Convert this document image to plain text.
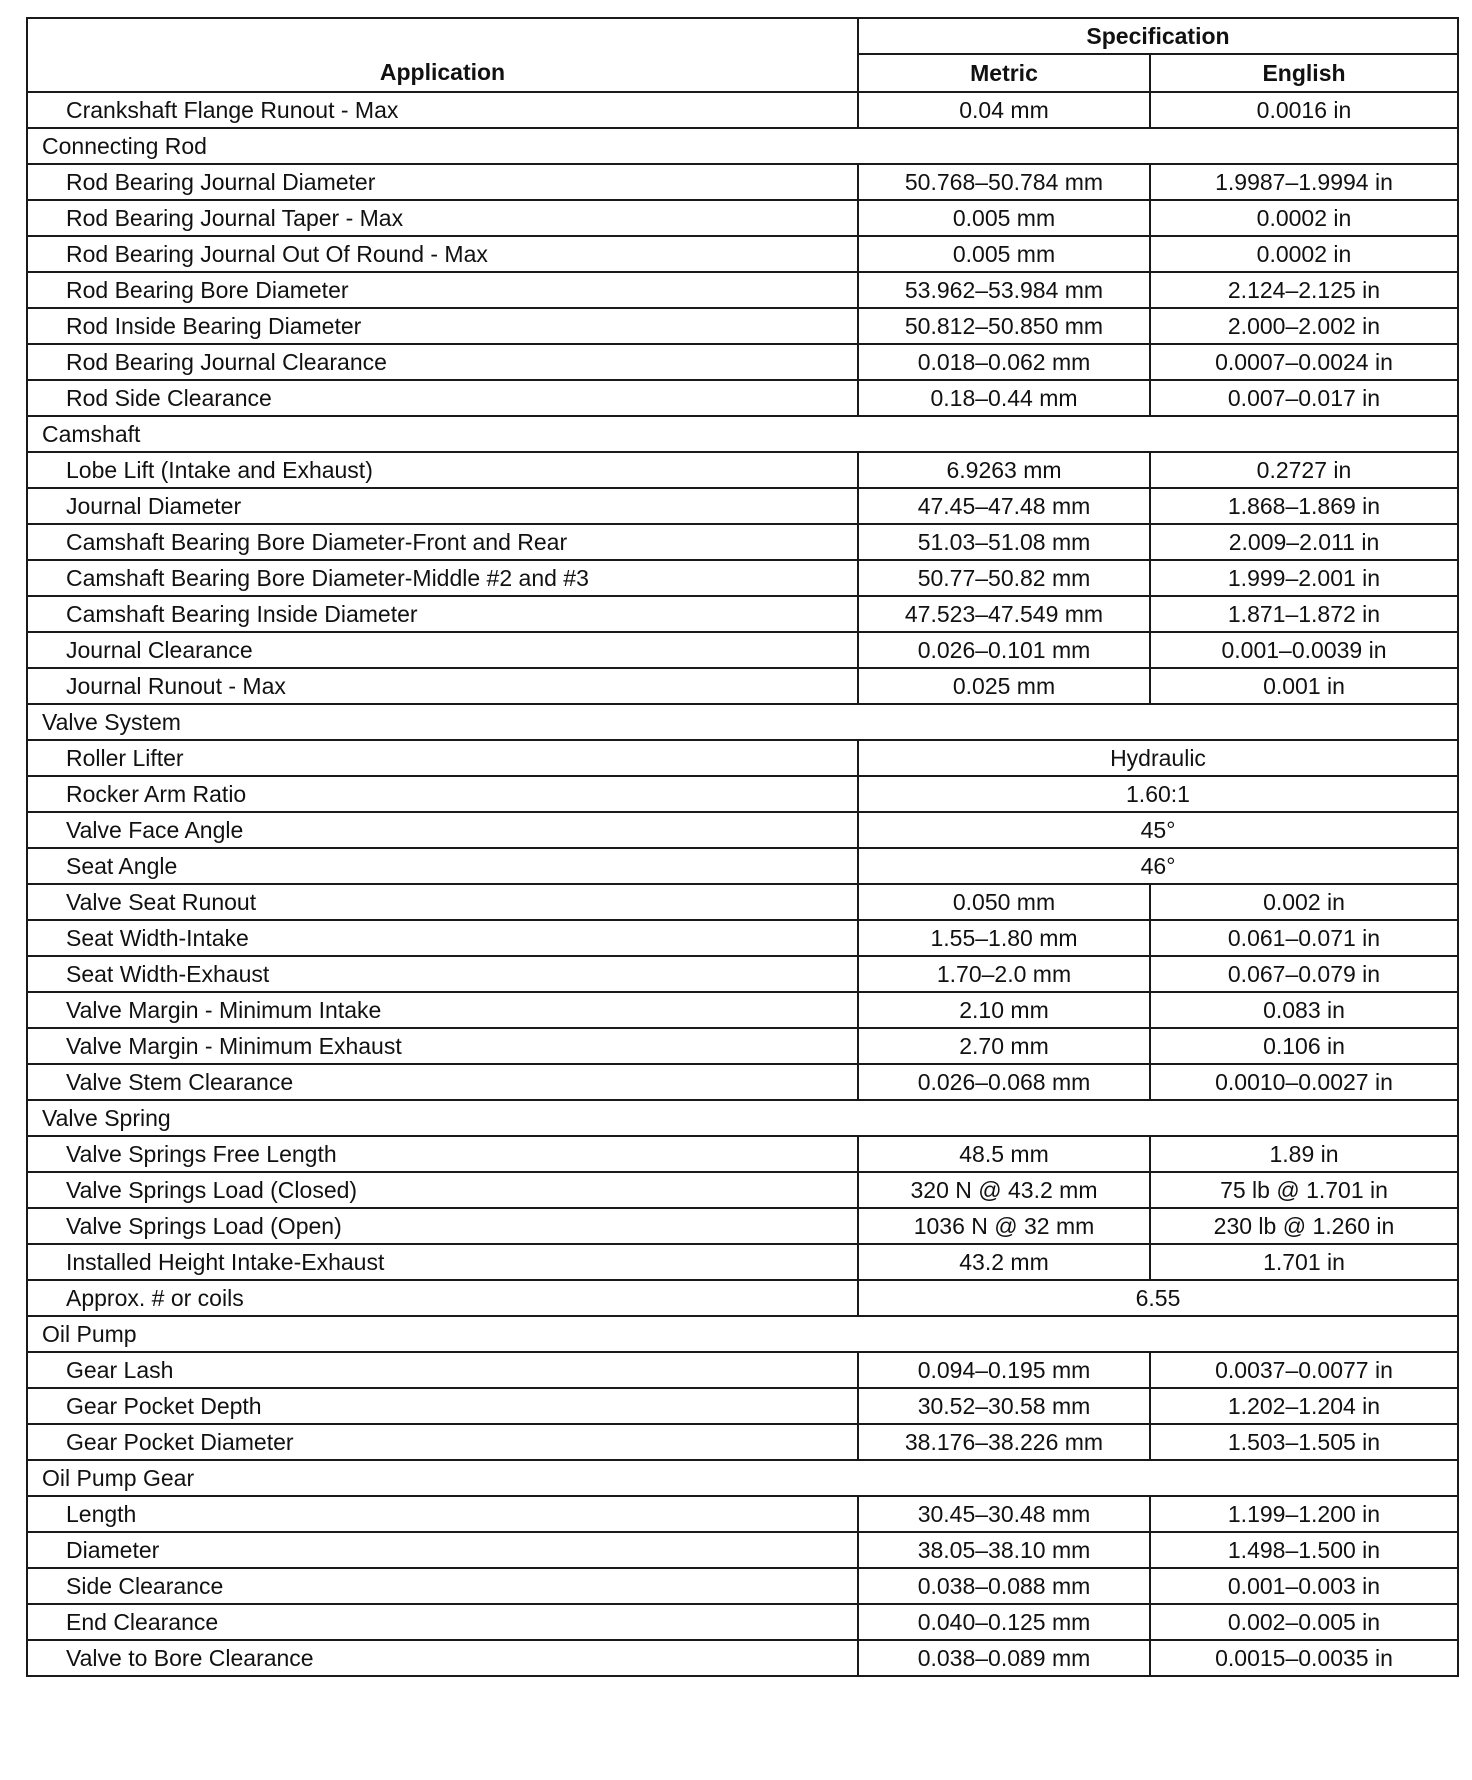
Application	Specification	
	Metric	English
Crankshaft Flange Runout - Max	0.04 mm	0.0016 in
Connecting Rod		
Rod Bearing Journal Diameter	50.768–50.784 mm	1.9987–1.9994 in
Rod Bearing Journal Taper - Max	0.005 mm	0.0002 in
Rod Bearing Journal Out Of Round - Max	0.005 mm	0.0002 in
Rod Bearing Bore Diameter	53.962–53.984 mm	2.124–2.125 in
Rod Inside Bearing Diameter	50.812–50.850 mm	2.000–2.002 in
Rod Bearing Journal Clearance	0.018–0.062 mm	0.0007–0.0024 in
Rod Side Clearance	0.18–0.44 mm	0.007–0.017 in
Camshaft		
Lobe Lift (Intake and Exhaust)	6.9263 mm	0.2727 in
Journal Diameter	47.45–47.48 mm	1.868–1.869 in
Camshaft Bearing Bore Diameter-Front and Rear	51.03–51.08 mm	2.009–2.011 in
Camshaft Bearing Bore Diameter-Middle #2 and #3	50.77–50.82 mm	1.999–2.001 in
Camshaft Bearing Inside Diameter	47.523–47.549 mm	1.871–1.872 in
Journal Clearance	0.026–0.101 mm	0.001–0.0039 in
Journal Runout - Max	0.025 mm	0.001 in
Valve System		
Roller Lifter	Hydraulic	
Rocker Arm Ratio	1.60:1	
Valve Face Angle	45°	
Seat Angle	46°	
Valve Seat Runout	0.050 mm	0.002 in
Seat Width-Intake	1.55–1.80 mm	0.061–0.071 in
Seat Width-Exhaust	1.70–2.0 mm	0.067–0.079 in
Valve Margin - Minimum Intake	2.10 mm	0.083 in
Valve Margin - Minimum Exhaust	2.70 mm	0.106 in
Valve Stem Clearance	0.026–0.068 mm	0.0010–0.0027 in
Valve Spring		
Valve Springs Free Length	48.5 mm	1.89 in
Valve Springs Load (Closed)	320 N @ 43.2 mm	75 lb @ 1.701 in
Valve Springs Load (Open)	1036 N @ 32 mm	230 lb @ 1.260 in
Installed Height Intake-Exhaust	43.2 mm	1.701 in
Approx. # or coils	6.55	
Oil Pump		
Gear Lash	0.094–0.195 mm	0.0037–0.0077 in
Gear Pocket Depth	30.52–30.58 mm	1.202–1.204 in
Gear Pocket Diameter	38.176–38.226 mm	1.503–1.505 in
Oil Pump Gear		
Length	30.45–30.48 mm	1.199–1.200 in
Diameter	38.05–38.10 mm	1.498–1.500 in
Side Clearance	0.038–0.088 mm	0.001–0.003 in
End Clearance	0.040–0.125 mm	0.002–0.005 in
Valve to Bore Clearance	0.038–0.089 mm	0.0015–0.0035 in
